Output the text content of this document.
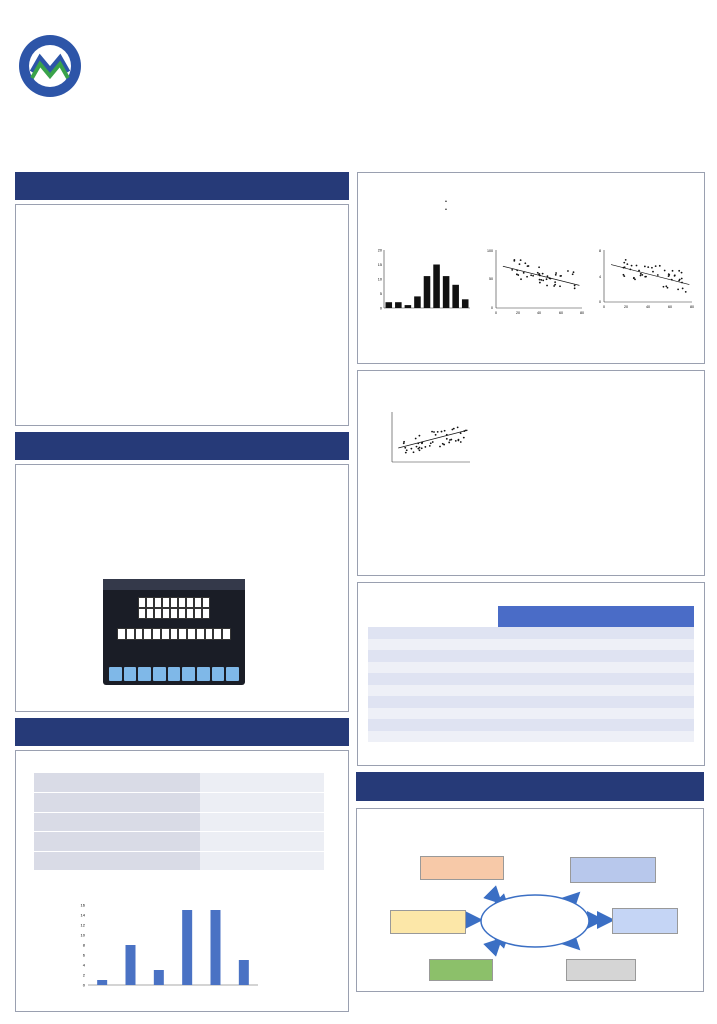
0
2
4
6
8
10
12
14
16
•
•
0
5
10
15
20
0	20	40	60	80
100
50
0	0	20	40	60	80
8
4
0
